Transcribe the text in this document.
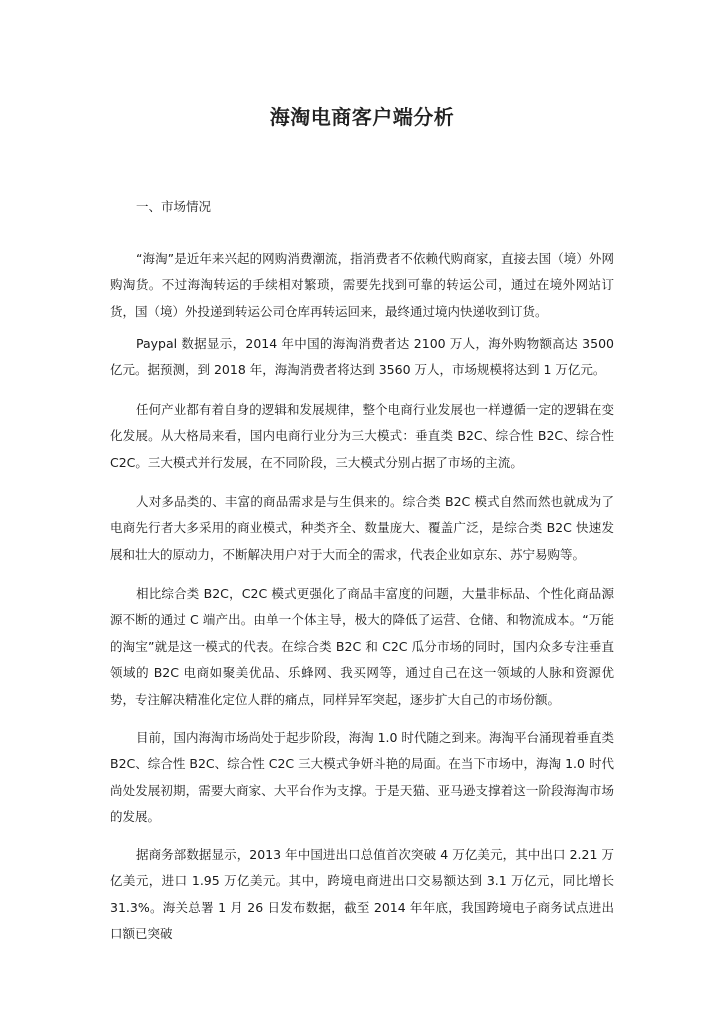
海淘电商客户端分析
一、市场情况

“海淘”是近年来兴起的网购消费潮流，指消费者不依赖代购商家，直接去国（境）外网购淘货。不过海淘转运的手续相对繁琐，需要先找到可靠的转运公司，通过在境外网站订货，国（境）外投递到转运公司仓库再转运回来，最终通过境内快递收到订货。

Paypal 数据显示，2014 年中国的海淘消费者达 2100 万人，海外购物额高达 3500 亿元。据预测，到 2018 年，海淘消费者将达到 3560 万人，市场规模将达到 1 万亿元。

任何产业都有着自身的逻辑和发展规律，整个电商行业发展也一样遵循一定的逻辑在变化发展。从大格局来看，国内电商行业分为三大模式：垂直类 B2C、综合性 B2C、综合性 C2C。三大模式并行发展，在不同阶段，三大模式分别占据了市场的主流。

人对多品类的、丰富的商品需求是与生俱来的。综合类 B2C 模式自然而然也就成为了电商先行者大多采用的商业模式，种类齐全、数量庞大、覆盖广泛，是综合类 B2C 快速发展和壮大的原动力，不断解决用户对于大而全的需求，代表企业如京东、苏宁易购等。

相比综合类 B2C，C2C 模式更强化了商品丰富度的问题，大量非标品、个性化商品源源不断的通过 C 端产出。由单一个体主导，极大的降低了运营、仓储、和物流成本。“万能的淘宝”就是这一模式的代表。在综合类 B2C 和 C2C 瓜分市场的同时，国内众多专注垂直领域的 B2C 电商如聚美优品、乐蜂网、我买网等，通过自己在这一领域的人脉和资源优势，专注解决精准化定位人群的痛点，同样异军突起，逐步扩大自己的市场份额。

目前，国内海淘市场尚处于起步阶段，海淘 1.0 时代随之到来。海淘平台涌现着垂直类 B2C、综合性 B2C、综合性 C2C 三大模式争妍斗艳的局面。在当下市场中，海淘 1.0 时代尚处发展初期，需要大商家、大平台作为支撑。于是天猫、亚马逊支撑着这一阶段海淘市场的发展。

据商务部数据显示，2013 年中国进出口总值首次突破 4 万亿美元，其中出口 2.21 万亿美元，进口 1.95 万亿美元。其中，跨境电商进出口交易额达到 3.1 万亿元，同比增长 31.3%。海关总署 1 月 26 日发布数据，截至 2014 年年底，我国跨境电子商务试点进出口额已突破
